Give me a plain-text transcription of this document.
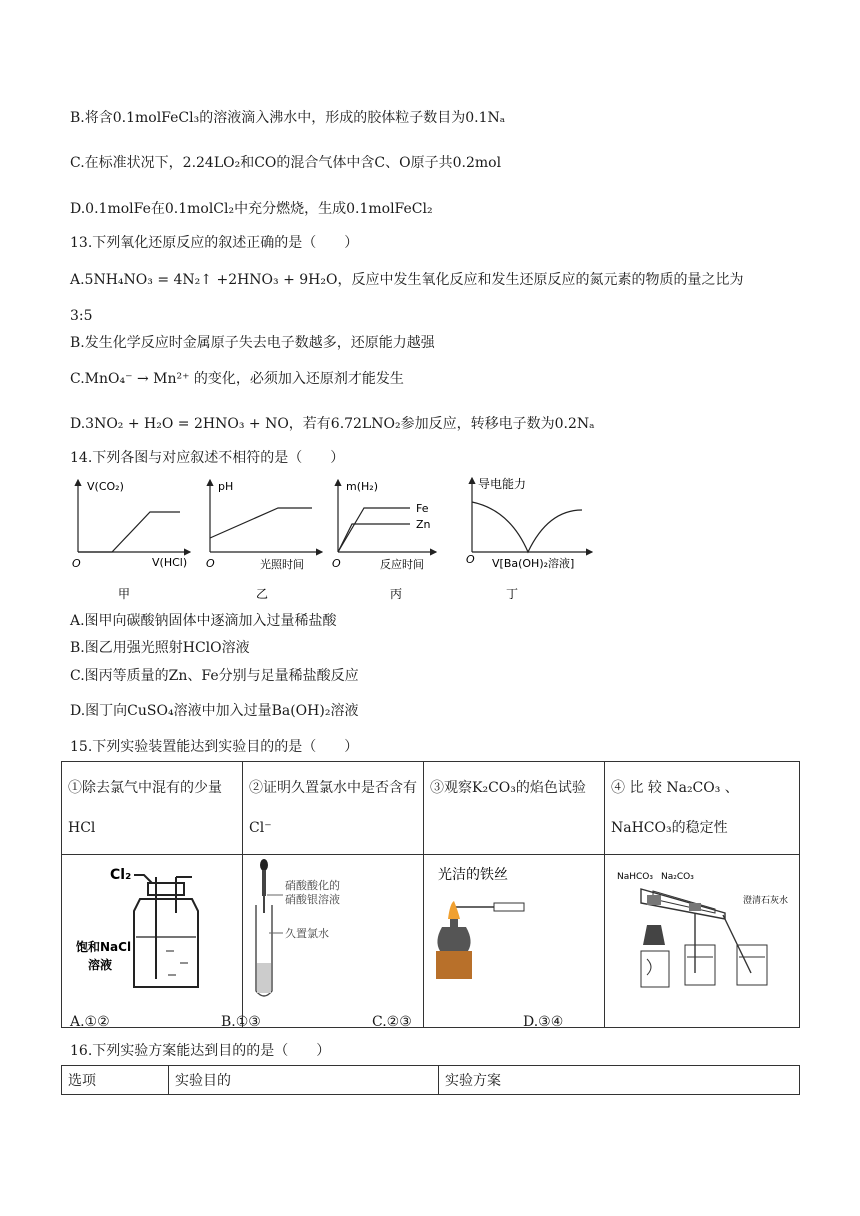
B.将含0.1molFeCl₃的溶液滴入沸水中，形成的胶体粒子数目为0.1Nₐ
C.在标准状况下，2.24LO₂和CO的混合气体中含C、O原子共0.2mol
D.0.1molFe在0.1molCl₂中充分燃烧，生成0.1molFeCl₂
13.下列氧化还原反应的叙述正确的是（　　）
A.5NH₄NO₃ = 4N₂↑ +2HNO₃ + 9H₂O，反应中发生氧化反应和发生还原反应的氮元素的物质的量之比为
3:5
B.发生化学反应时金属原子失去电子数越多，还原能力越强
C.MnO₄⁻ → Mn²⁺ 的变化，必须加入还原剂才能发生
D.3NO₂ + H₂O = 2HNO₃ + NO，若有6.72LNO₂参加反应，转移电子数为0.2Nₐ
14.下列各图与对应叙述不相符的是（　　）
V(CO₂)
V(HCl)
O
甲
pH
光照时间
O
乙
m(H₂)
Fe
Zn
反应时间
O
丙
导电能力
V[Ba(OH)₂溶液]
O
丁
A.图甲向碳酸钠固体中逐滴加入过量稀盐酸
B.图乙用强光照射HClO溶液
C.图丙等质量的Zn、Fe分别与足量稀盐酸反应
D.图丁向CuSO₄溶液中加入过量Ba(OH)₂溶液
15.下列实验装置能达到实验目的的是（　　）
①除去氯气中混有的少量HCl	②证明久置氯水中是否含有Cl⁻	③观察K₂CO₃的焰色试验	④ 比 较 Na₂CO₃ 、NaHCO₃的稳定性

Cl₂
饱和NaCl
溶液	硝酸酸化的
硝酸银溶液
久置氯水	光洁的铁丝	NaHCO₃ Na₂CO₃
澄清石灰水
A.①②	B.①③	C.②③	D.③④
16.下列实验方案能达到目的的是（　　）
选项	实验目的	实验方案
